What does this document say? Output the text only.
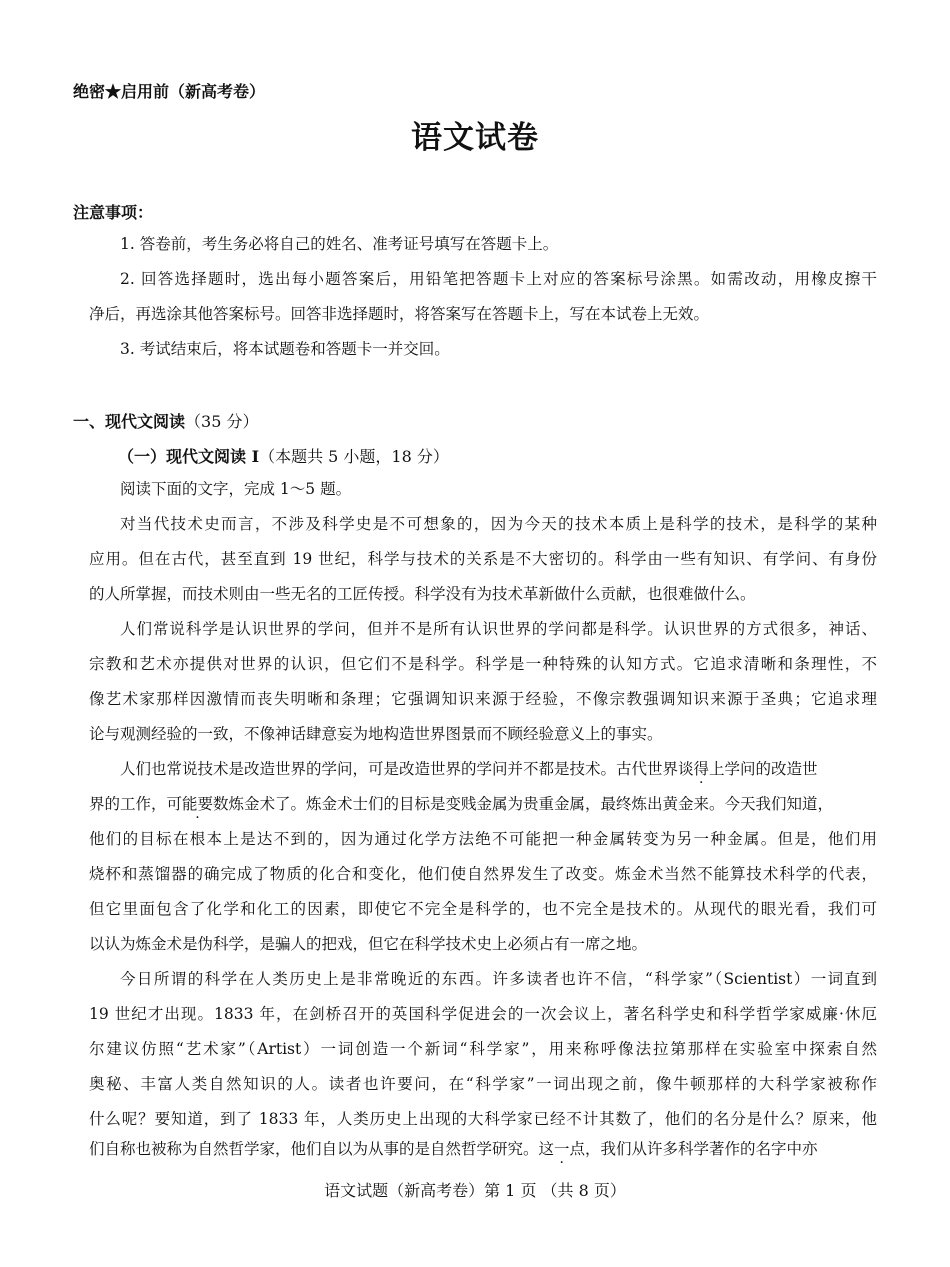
绝密★启用前（新高考卷）
语文试卷
注意事项：
1. 答卷前，考生务必将自己的姓名、准考证号填写在答题卡上。
2. 回答选择题时，选出每小题答案后，用铅笔把答题卡上对应的答案标号涂黑。如需改动，用橡皮擦干
净后，再选涂其他答案标号。回答非选择题时，将答案写在答题卡上，写在本试卷上无效。
3. 考试结束后，将本试题卷和答题卡一并交回。
一、现代文阅读（35 分）
（一）现代文阅读 I（本题共 5 小题，18 分）
阅读下面的文字，完成 1～5 题。
对当代技术史而言，不涉及科学史是不可想象的，因为今天的技术本质上是科学的技术，是科学的某种
应用。但在古代，甚至直到 19 世纪，科学与技术的关系是不大密切的。科学由一些有知识、有学问、有身份
的人所掌握，而技术则由一些无名的工匠传授。科学没有为技术革新做什么贡献，也很难做什么。
人们常说科学是认识世界的学问，但并不是所有认识世界的学问都是科学。认识世界的方式很多，神话、
宗教和艺术亦提供对世界的认识，但它们不是科学。科学是一种特殊的认知方式。它追求清晰和条理性，不
像艺术家那样因激情而丧失明晰和条理；它强调知识来源于经验，不像宗教强调知识来源于圣典；它追求理
论与观测经验的一致，不像神话肆意妄为地构造世界图景而不顾经验意义上的事实。
人们也常说技术是改造世界的学问，可是改造世界的学问并不都是技术。古代世界谈得上学问的改造世
界的工作，可能要数炼金术了。炼金术士们的目标是变贱金属为贵重金属，最终炼出黄金来。今天我们知道，
他们的目标在根本上是达不到的，因为通过化学方法绝不可能把一种金属转变为另一种金属。但是，他们用
烧杯和蒸馏器的确完成了物质的化合和变化，他们使自然界发生了改变。炼金术当然不能算技术科学的代表，
但它里面包含了化学和化工的因素，即使它不完全是科学的，也不完全是技术的。从现代的眼光看，我们可
以认为炼金术是伪科学，是骗人的把戏，但它在科学技术史上必须占有一席之地。
今日所谓的科学在人类历史上是非常晚近的东西。许多读者也许不信，“科学家”（Scientist）一词直到
19 世纪才出现。1833 年，在剑桥召开的英国科学促进会的一次会议上，著名科学史和科学哲学家威廉·休厄
尔建议仿照“艺术家”（Artist）一词创造一个新词“科学家”，用来称呼像法拉第那样在实验室中探索自然
奥秘、丰富人类自然知识的人。读者也许要问，在“科学家”一词出现之前，像牛顿那样的大科学家被称作
什么呢？要知道，到了 1833 年，人类历史上出现的大科学家已经不计其数了，他们的名分是什么？原来，他
们自称也被称为自然哲学家，他们自以为从事的是自然哲学研究。这一点，我们从许多科学著作的名字中亦
语文试题（新高考卷）第 1 页 （共 8 页）
